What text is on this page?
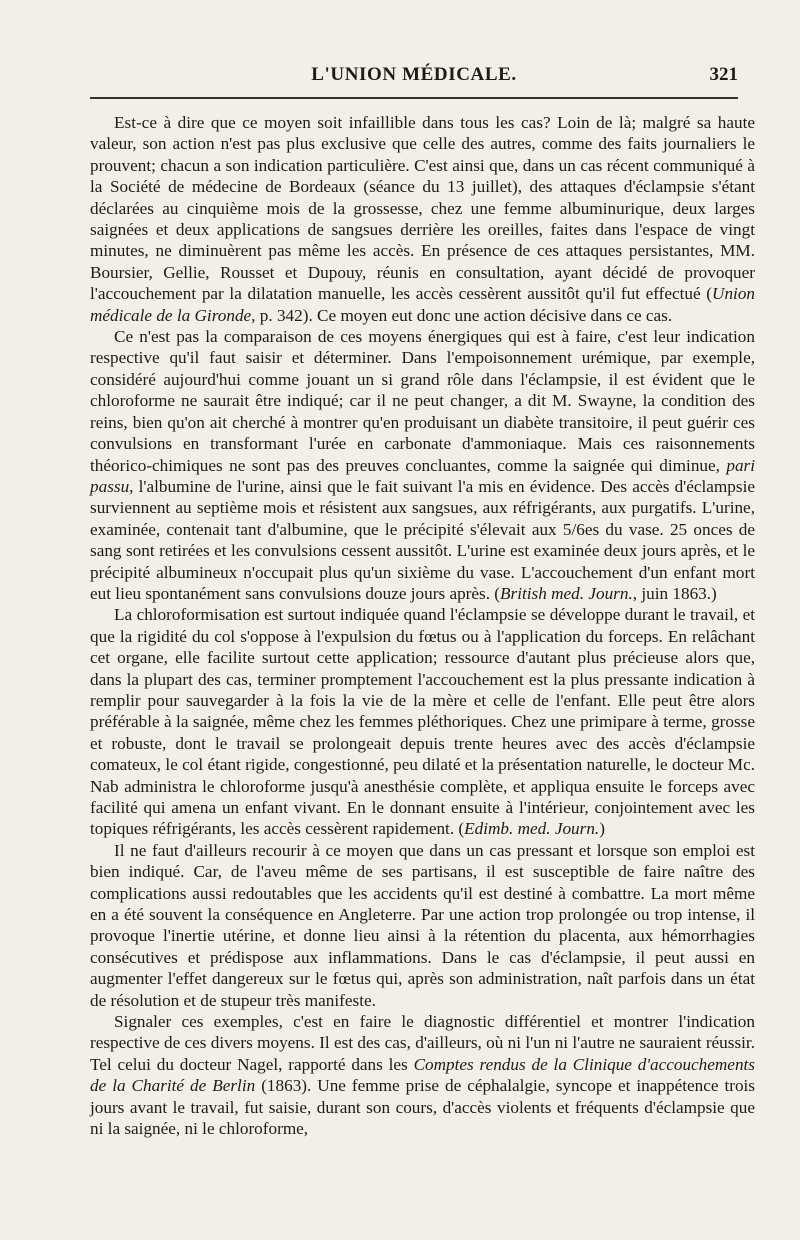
L'UNION MÉDICALE.	321

Est-ce à dire que ce moyen soit infaillible dans tous les cas? Loin de là; malgré sa haute valeur, son action n'est pas plus exclusive que celle des autres, comme des faits journaliers le prouvent; chacun a son indication particulière. C'est ainsi que, dans un cas récent communiqué à la Société de médecine de Bordeaux (séance du 13 juillet), des attaques d'éclampsie s'étant déclarées au cinquième mois de la grossesse, chez une femme albuminurique, deux larges saignées et deux applications de sangsues derrière les oreilles, faites dans l'espace de vingt minutes, ne diminuèrent pas même les accès. En présence de ces attaques persistantes, MM. Boursier, Gellie, Rousset et Dupouy, réunis en consultation, ayant décidé de provoquer l'accouchement par la dilatation manuelle, les accès cessèrent aussitôt qu'il fut effectué (Union médicale de la Gironde, p. 342). Ce moyen eut donc une action décisive dans ce cas.

Ce n'est pas la comparaison de ces moyens énergiques qui est à faire, c'est leur indication respective qu'il faut saisir et déterminer. Dans l'empoisonnement urémique, par exemple, considéré aujourd'hui comme jouant un si grand rôle dans l'éclampsie, il est évident que le chloroforme ne saurait être indiqué; car il ne peut changer, a dit M. Swayne, la condition des reins, bien qu'on ait cherché à montrer qu'en produisant un diabète transitoire, il peut guérir ces convulsions en transformant l'urée en carbonate d'ammoniaque. Mais ces raisonnements théorico-chimiques ne sont pas des preuves concluantes, comme la saignée qui diminue, pari passu, l'albumine de l'urine, ainsi que le fait suivant l'a mis en évidence. Des accès d'éclampsie surviennent au septième mois et résistent aux sangsues, aux réfrigérants, aux purgatifs. L'urine, examinée, contenait tant d'albumine, que le précipité s'élevait aux 5/6es du vase. 25 onces de sang sont retirées et les convulsions cessent aussitôt. L'urine est examinée deux jours après, et le précipité albumineux n'occupait plus qu'un sixième du vase. L'accouchement d'un enfant mort eut lieu spontanément sans convulsions douze jours après. (British med. Journ., juin 1863.)

La chloroformisation est surtout indiquée quand l'éclampsie se développe durant le travail, et que la rigidité du col s'oppose à l'expulsion du fœtus ou à l'application du forceps. En relâchant cet organe, elle facilite surtout cette application; ressource d'autant plus précieuse alors que, dans la plupart des cas, terminer promptement l'accouchement est la plus pressante indication à remplir pour sauvegarder à la fois la vie de la mère et celle de l'enfant. Elle peut être alors préférable à la saignée, même chez les femmes pléthoriques. Chez une primipare à terme, grosse et robuste, dont le travail se prolongeait depuis trente heures avec des accès d'éclampsie comateux, le col étant rigide, congestionné, peu dilaté et la présentation naturelle, le docteur Mc. Nab administra le chloroforme jusqu'à anesthésie complète, et appliqua ensuite le forceps avec facilité qui amena un enfant vivant. En le donnant ensuite à l'intérieur, conjointement avec les topiques réfrigérants, les accès cessèrent rapidement. (Edimb. med. Journ.)

Il ne faut d'ailleurs recourir à ce moyen que dans un cas pressant et lorsque son emploi est bien indiqué. Car, de l'aveu même de ses partisans, il est susceptible de faire naître des complications aussi redoutables que les accidents qu'il est destiné à combattre. La mort même en a été souvent la conséquence en Angleterre. Par une action trop prolongée ou trop intense, il provoque l'inertie utérine, et donne lieu ainsi à la rétention du placenta, aux hémorrhagies consécutives et prédispose aux inflammations. Dans le cas d'éclampsie, il peut aussi en augmenter l'effet dangereux sur le fœtus qui, après son administration, naît parfois dans un état de résolution et de stupeur très manifeste.

Signaler ces exemples, c'est en faire le diagnostic différentiel et montrer l'indication respective de ces divers moyens. Il est des cas, d'ailleurs, où ni l'un ni l'autre ne sauraient réussir. Tel celui du docteur Nagel, rapporté dans les Comptes rendus de la Clinique d'accouchements de la Charité de Berlin (1863). Une femme prise de céphalalgie, syncope et inappétence trois jours avant le travail, fut saisie, durant son cours, d'accès violents et fréquents d'éclampsie que ni la saignée, ni le chloroforme,
